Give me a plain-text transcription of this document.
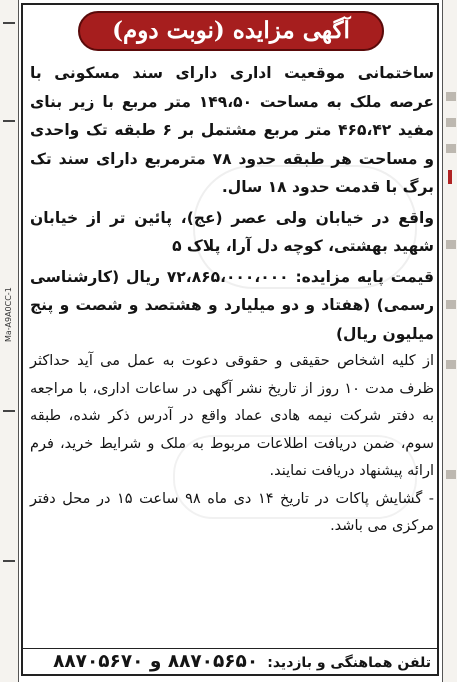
Ma-A9A0CC-1
آگهی مزایده (نوبت دوم)

ساختمانی موقعیت اداری دارای سند مسکونی با عرصه ملک به مساحت ۱۴۹،۵۰ متر مربع با زیر بنای مفید ۴۶۵،۴۲ متر مربع مشتمل بر ۶ طبقه تک واحدی و مساحت هر طبقه حدود ۷۸ مترمربع دارای سند تک برگ با قدمت حدود ۱۸ سال.

واقع در خیابان ولی عصر (عج)، پائین تر از خیابان شهید بهشتی، کوچه دل آرا، پلاک ۵

قیمت پایه مزایده: ۷۲،۸۶۵،۰۰۰،۰۰۰ ریال (کارشناسی رسمی) (هفتاد و دو میلیارد و هشتصد و شصت و پنج میلیون ریال)

از کلیه اشخاص حقیقی و حقوقی دعوت به عمل می آید حداکثر ظرف مدت ۱۰ روز از تاریخ نشر آگهی در ساعات اداری، با مراجعه به دفتر شرکت نیمه هادی عماد واقع در آدرس ذکر شده، طبقه سوم، ضمن دریافت اطلاعات مربوط به ملک و شرایط خرید، فرم ارائه پیشنهاد دریافت نمایند.

- گشایش پاکات در تاریخ ۱۴ دی ماه ۹۸ ساعت ۱۵ در محل دفتر مرکزی می باشد.

تلفن هماهنگی و بازدید: ۸۸۷۰۵۶۵۰ و ۸۸۷۰۵۶۷۰
